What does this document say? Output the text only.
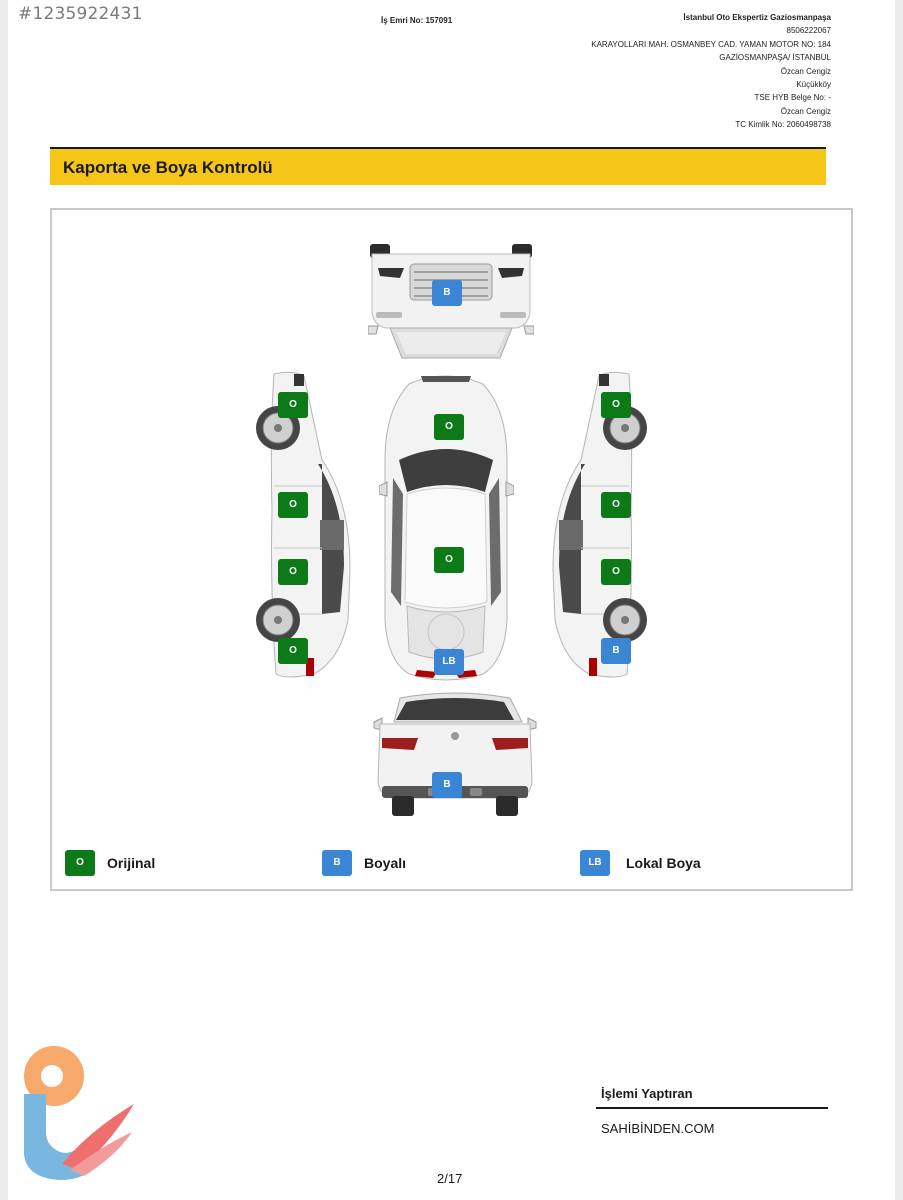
#1235922431	İş Emri No: 157091	İstanbul Oto Ekspertiz Gaziosmanpaşa
8506222067
KARAYOLLARI MAH. OSMANBEY CAD. YAMAN MOTOR NO: 184
GAZİOSMANPAŞA/ İSTANBUL
Özcan Cengiz
Küçükköy
TSE HYB Belge No: -
Özcan Cengiz
TC Kimlik No: 2060498738
Kaporta ve Boya Kontrolü
B
O
O
LB
O
O
O
O
O
O
O
B
B
O	Orijinal	B	Boyalı	LB	Lokal Boya
İşlemi Yaptıran
SAHİBİNDEN.COM
2/17
